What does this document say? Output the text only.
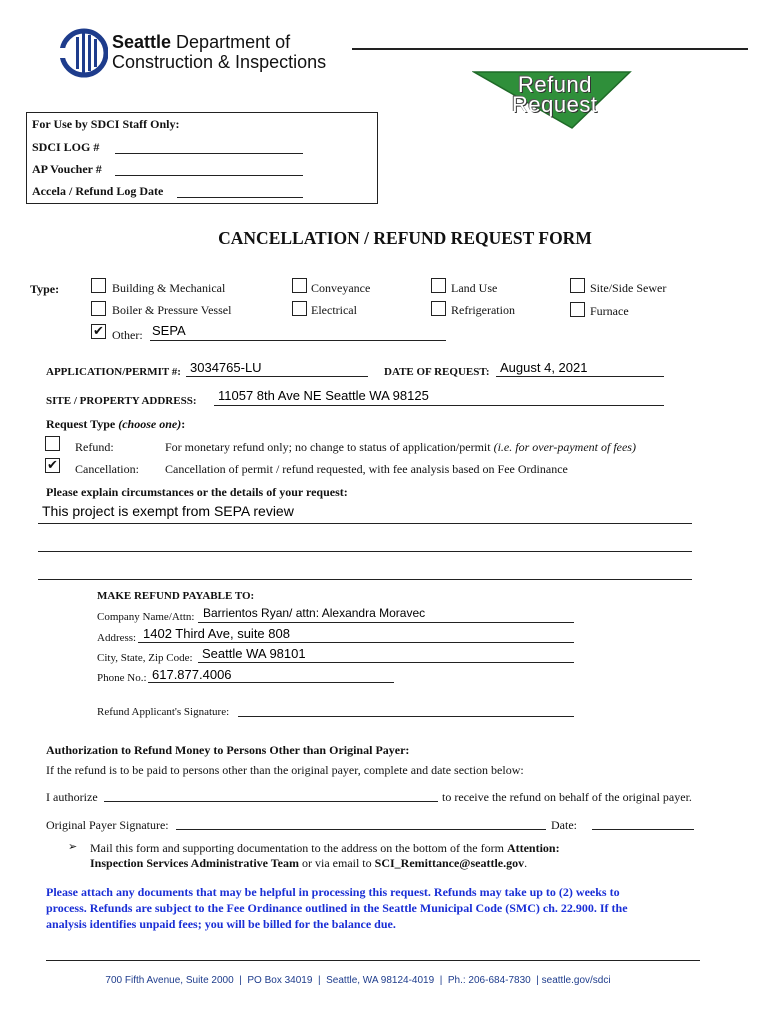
Seattle Department of
Construction & Inspections
Refund
Request
For Use by SDCI Staff Only:
SDCI LOG #
AP Voucher #
Accela / Refund Log Date
CANCELLATION / REFUND REQUEST FORM
Type:	Building & Mechanical	Conveyance	Land Use	Site/Side Sewer
Boiler & Pressure Vessel	Electrical	Refrigeration	Furnace
✔ Other: SEPA
APPLICATION/PERMIT #: 3034765-LU	DATE OF REQUEST: August 4, 2021
SITE / PROPERTY ADDRESS: 11057 8th Ave NE Seattle WA 98125
Request Type (choose one):
Refund:	For monetary refund only; no change to status of application/permit (i.e. for over-payment of fees)
✔ Cancellation: Cancellation of permit / refund requested, with fee analysis based on Fee Ordinance
Please explain circumstances or the details of your request:
This project is exempt from SEPA review
MAKE REFUND PAYABLE TO:
Company Name/Attn: Barrientos Ryan/ attn: Alexandra Moravec
Address: 1402 Third Ave, suite 808
City, State, Zip Code: Seattle WA 98101
Phone No.: 617.877.4006
Refund Applicant's Signature:
Authorization to Refund Money to Persons Other than Original Payer:
If the refund is to be paid to persons other than the original payer, complete and date section below:
I authorize	to receive the refund on behalf of the original payer.
Original Payer Signature:	Date:
➢ Mail this form and supporting documentation to the address on the bottom of the form Attention:
Inspection Services Administrative Team or via email to SCI_Remittance@seattle.gov.
Please attach any documents that may be helpful in processing this request. Refunds may take up to (2) weeks to
process. Refunds are subject to the Fee Ordinance outlined in the Seattle Municipal Code (SMC) ch. 22.900. If the
analysis identifies unpaid fees; you will be billed for the balance due.
700 Fifth Avenue, Suite 2000  |  PO Box 34019  |  Seattle, WA 98124-4019  |  Ph.: 206-684-7830  | seattle.gov/sdci
